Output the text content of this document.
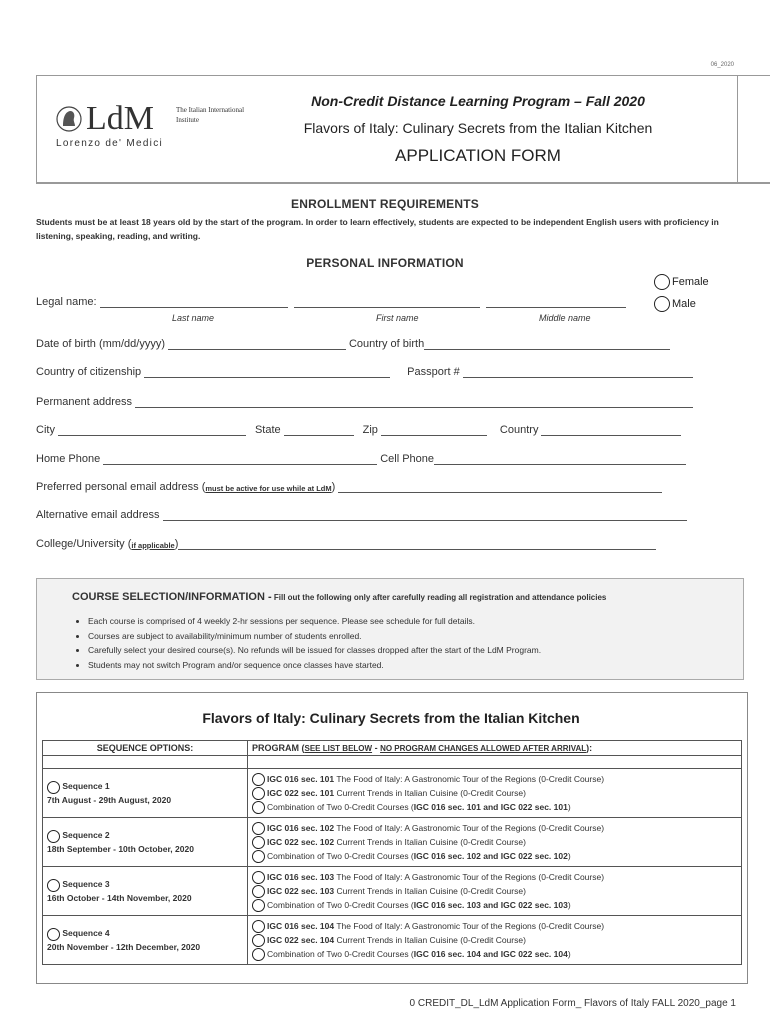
06_2020
LdM	The Italian International Institute
Lorenzo de' Medici
Non-Credit Distance Learning Program – Fall 2020
Flavors of Italy: Culinary Secrets from the Italian Kitchen
APPLICATION FORM
ENROLLMENT REQUIREMENTS
Students must be at least 18 years old by the start of the program. In order to learn effectively, students are expected to be independent English users with proficiency in listening, speaking, reading, and writing.
PERSONAL INFORMATION
Female
Male
Legal name:
Last name	First name	Middle name
Date of birth (mm/dd/yyyy)	Country of birth
Country of citizenship	Passport #
Permanent address
City	State	Zip	Country
Home Phone	Cell Phone
Preferred personal email address ( must be active for use while at LdM )
Alternative email address
College/University ( if applicable )
COURSE SELECTION/INFORMATION - Fill out the following only after carefully reading all registration and attendance policies
• Each course is comprised of 4 weekly 2-hr sessions per sequence. Please see schedule for full details.
• Courses are subject to availability/minimum number of students enrolled.
• Carefully select your desired course(s). No refunds will be issued for classes dropped after the start of the LdM Program.
• Students may not switch Program and/or sequence once classes have started.
Flavors of Italy: Culinary Secrets from the Italian Kitchen
SEQUENCE OPTIONS:	PROGRAM (SEE LIST BELOW - NO PROGRAM CHANGES ALLOWED AFTER ARRIVAL):

Sequence 1
7th August - 29th August, 2020	IGC 016 sec. 101 The Food of Italy: A Gastronomic Tour of the Regions (0-Credit Course)
IGC 022 sec. 101 Current Trends in Italian Cuisine (0-Credit Course)
Combination of Two 0-Credit Courses (IGC 016 sec. 101 and IGC 022 sec. 101)
Sequence 2
18th September - 10th October, 2020	IGC 016 sec. 102 The Food of Italy: A Gastronomic Tour of the Regions (0-Credit Course)
IGC 022 sec. 102 Current Trends in Italian Cuisine (0-Credit Course)
Combination of Two 0-Credit Courses (IGC 016 sec. 102 and IGC 022 sec. 102)
Sequence 3
16th October - 14th November, 2020	IGC 016 sec. 103 The Food of Italy: A Gastronomic Tour of the Regions (0-Credit Course)
IGC 022 sec. 103 Current Trends in Italian Cuisine (0-Credit Course)
Combination of Two 0-Credit Courses (IGC 016 sec. 103 and IGC 022 sec. 103)
Sequence 4
20th November - 12th December, 2020	IGC 016 sec. 104 The Food of Italy: A Gastronomic Tour of the Regions (0-Credit Course)
IGC 022 sec. 104 Current Trends in Italian Cuisine (0-Credit Course)
Combination of Two 0-Credit Courses (IGC 016 sec. 104 and IGC 022 sec. 104)
0 CREDIT_DL_LdM Application Form_ Flavors of Italy FALL 2020_page 1
